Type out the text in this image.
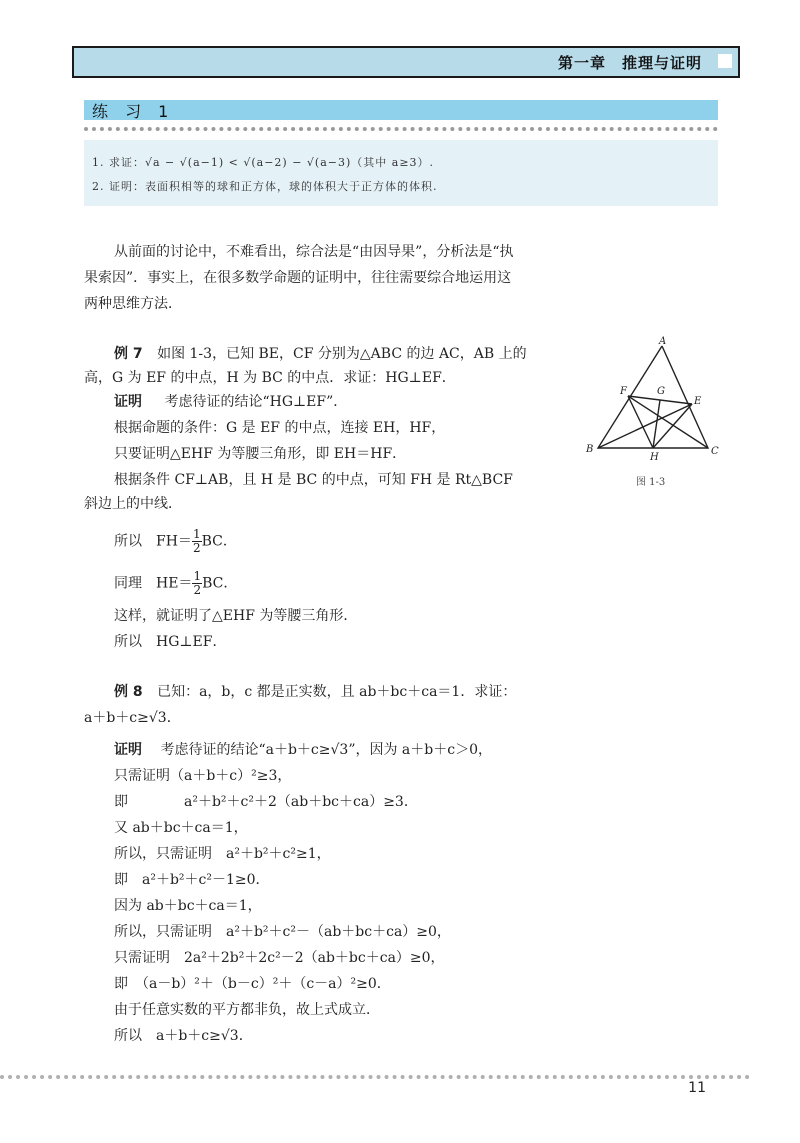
第一章　推理与证明
练 习 1
1. 求证：√a − √(a−1) < √(a−2) − √(a−3)（其中 a≥3）.
2. 证明：表面积相等的球和正方体，球的体积大于正方体的体积.
从前面的讨论中，不难看出，综合法是“由因导果”，分析法是“执
果索因”．事实上，在很多数学命题的证明中，往往需要综合地运用这
两种思维方法．
例 7 如图 1-3，已知 BE，CF 分别为△ABC 的边 AC，AB 上的
高，G 为 EF 的中点，H 为 BC 的中点．求证：HG⊥EF．
证明 考虑待证的结论“HG⊥EF”．
根据命题的条件：G 是 EF 的中点，连接 EH，HF，
只要证明△EHF 为等腰三角形，即 EH＝HF．
根据条件 CF⊥AB，且 H 是 BC 的中点，可知 FH 是 Rt△BCF
斜边上的中线．
所以　$FH= \frac{1}{2}$ BC．
同理　$HE= \frac{1}{2}$ BC．
这样，就证明了△EHF 为等腰三角形．
所以　HG⊥EF．
A
B	C
E
F	G
H
图 1-3
例 8 已知：a，b，c 都是正实数，且 ab＋bc＋ca＝1．求证：
a＋b＋c≥√3．
证明 考虑待证的结论“a＋b＋c≥√3”，因为 a＋b＋c＞0，
只需证明（a＋b＋c）²≥3，
即　　　　a²＋b²＋c²＋2（ab＋bc＋ca）≥3．
又 ab＋bc＋ca＝1，
所以，只需证明　a²＋b²＋c²≥1，
即　a²＋b²＋c²－1≥0．
因为 ab＋bc＋ca＝1，
所以，只需证明　a²＋b²＋c²－（ab＋bc＋ca）≥0，
只需证明　2a²＋2b²＋2c²－2（ab＋bc＋ca）≥0，
即　（a－b）²＋（b－c）²＋（c－a）²≥0．
由于任意实数的平方都非负，故上式成立．
所以　a＋b＋c≥√3．
11
